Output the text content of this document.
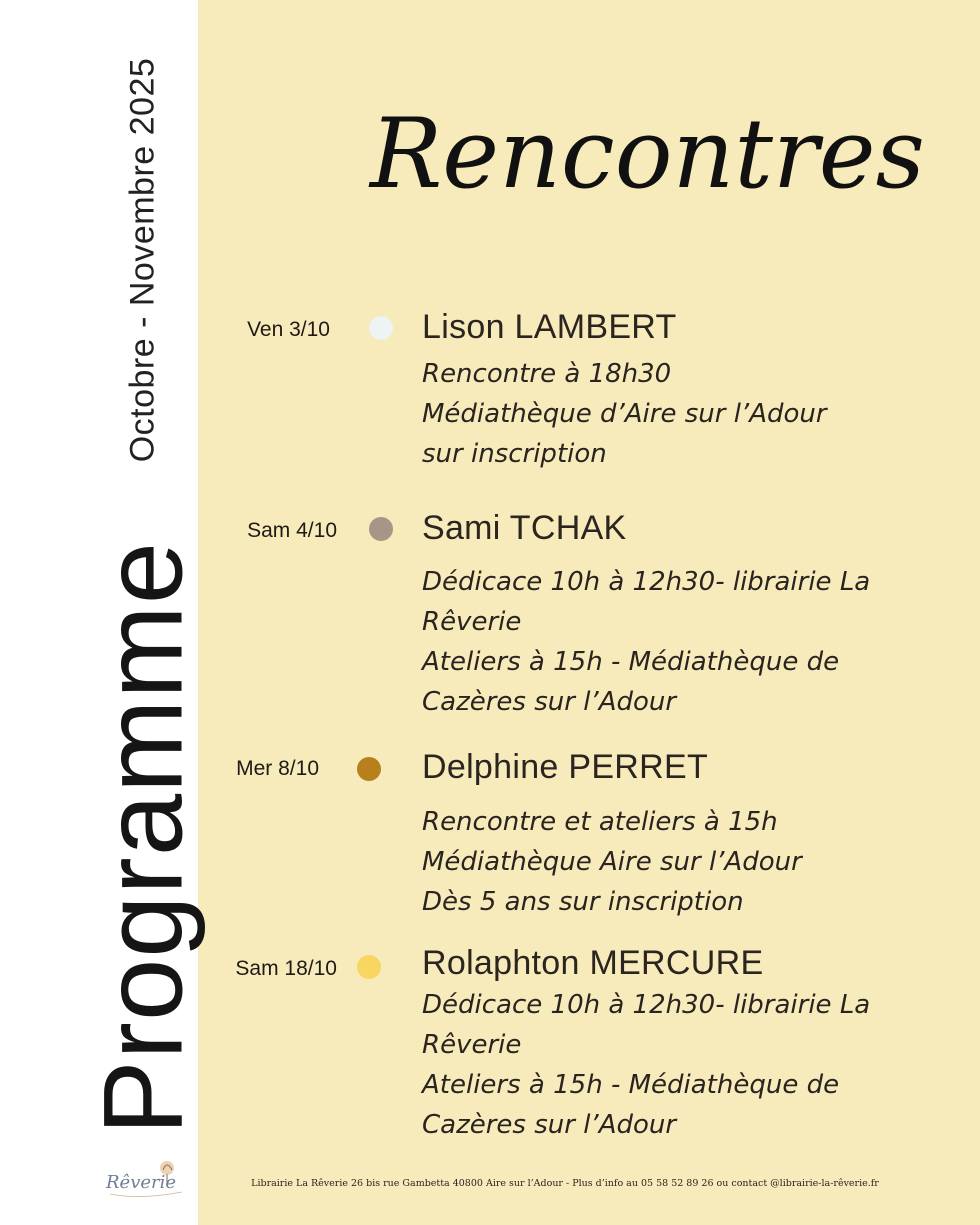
Octobre - Novembre 2025
Programme
Rencontres
Ven 3/10	Lison LAMBERT
Rencontre à 18h30
Médiathèque d’Aire sur l’Adour
sur inscription
Sam 4/10	Sami TCHAK
Dédicace 10h à 12h30- librairie La
Rêverie
Ateliers à 15h - Médiathèque de
Cazères sur l’Adour
Mer 8/10	Delphine PERRET
Rencontre et ateliers à 15h
Médiathèque Aire sur l’Adour
Dès 5 ans sur inscription
Sam 18/10	Rolaphton MERCURE
Dédicace 10h à 12h30- librairie La
Rêverie
Ateliers à 15h - Médiathèque de
Cazères sur l’Adour
Rêverie	Librairie La Rêverie 26 bis rue Gambetta 40800 Aire sur l’Adour - Plus d’info au 05 58 52 89 26 ou contact @librairie-la-rêverie.fr
